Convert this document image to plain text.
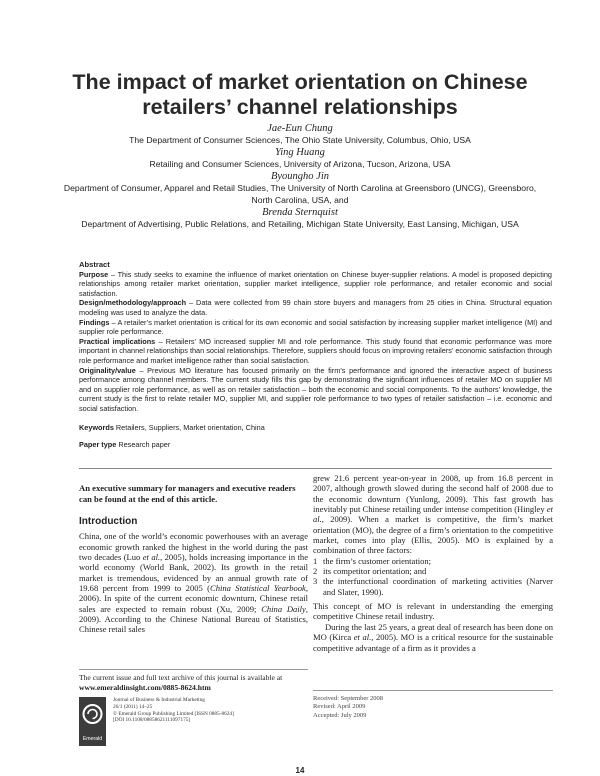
The impact of market orientation on Chinese
retailers’ channel relationships
Jae-Eun Chung
The Department of Consumer Sciences, The Ohio State University, Columbus, Ohio, USA
Ying Huang
Retailing and Consumer Sciences, University of Arizona, Tucson, Arizona, USA
Byoungho Jin
Department of Consumer, Apparel and Retail Studies, The University of North Carolina at Greensboro (UNCG), Greensboro,
North Carolina, USA, and
Brenda Sternquist
Department of Advertising, Public Relations, and Retailing, Michigan State University, East Lansing, Michigan, USA

Abstract

Purpose – This study seeks to examine the influence of market orientation on Chinese buyer-supplier relations. A model is proposed depicting relationships among retailer market orientation, supplier market intelligence, supplier role performance, and retailer economic and social satisfaction.

Design/methodology/approach – Data were collected from 99 chain store buyers and managers from 25 cities in China. Structural equation modeling was used to analyze the data.

Findings – A retailer’s market orientation is critical for its own economic and social satisfaction by increasing supplier market intelligence (MI) and supplier role performance.

Practical implications – Retailers’ MO increased supplier MI and role performance. This study found that economic performance was more important in channel relationships than social relationships. Therefore, suppliers should focus on improving retailers’ economic satisfaction through role performance and market intelligence rather than social satisfaction.

Originality/value – Previous MO literature has focused primarily on the firm’s performance and ignored the interactive aspect of business performance among channel members. The current study fills this gap by demonstrating the significant influences of retailer MO on supplier MI and on supplier role performance, as well as on retailer satisfaction – both the economic and social components. To the authors’ knowledge, the current study is the first to relate retailer MO, supplier MI, and supplier role performance to two types of retailer satisfaction – i.e. economic and social satisfaction.

Keywords Retailers, Suppliers, Market orientation, China

Paper type Research paper

An executive summary for managers and executive readers can be found at the end of this article.

Introduction

China, one of the world’s economic powerhouses with an average economic growth ranked the highest in the world during the past two decades (Luo et al., 2005), holds increasing importance in the world economy (World Bank, 2002). Its growth in the retail market is tremendous, evidenced by an annual growth rate of 19.68 percent from 1999 to 2005 (China Statistical Yearbook, 2006). In spite of the current economic downturn, Chinese retail sales are expected to remain robust (Xu, 2009; China Daily, 2009). According to the Chinese National Bureau of Statistics, Chinese retail sales

The current issue and full text archive of this journal is available at
www.emeraldinsight.com/0885-8624.htm
Emerald
Journal of Business & Industrial Marketing
26/1 (2011) 14–25
© Emerald Group Publishing Limited [ISSN 0885-8624]
[DOI 10.1108/08858621111097175]

grew 21.6 percent year-on-year in 2008, up from 16.8 percent in 2007, although growth slowed during the second half of 2008 due to the economic downturn (Yunlong, 2009). This fast growth has inevitably put Chinese retailing under intense competition (Hingley et al., 2009). When a market is competitive, the firm’s market orientation (MO), the degree of a firm’s orientation to the competitive market, comes into play (Ellis, 2005). MO is explained by a combination of three factors:

1 the firm’s customer orientation;
2 its competitor orientation; and
3 the interfunctional coordination of marketing activities (Narver and Slater, 1990).

This concept of MO is relevant in understanding the emerging competitive Chinese retail industry.

During the last 25 years, a great deal of research has been done on MO (Kirca et al., 2005). MO is a critical resource for the sustainable competitive advantage of a firm as it provides a

Received: September 2008
Revised: April 2009
Accepted: July 2009
14
